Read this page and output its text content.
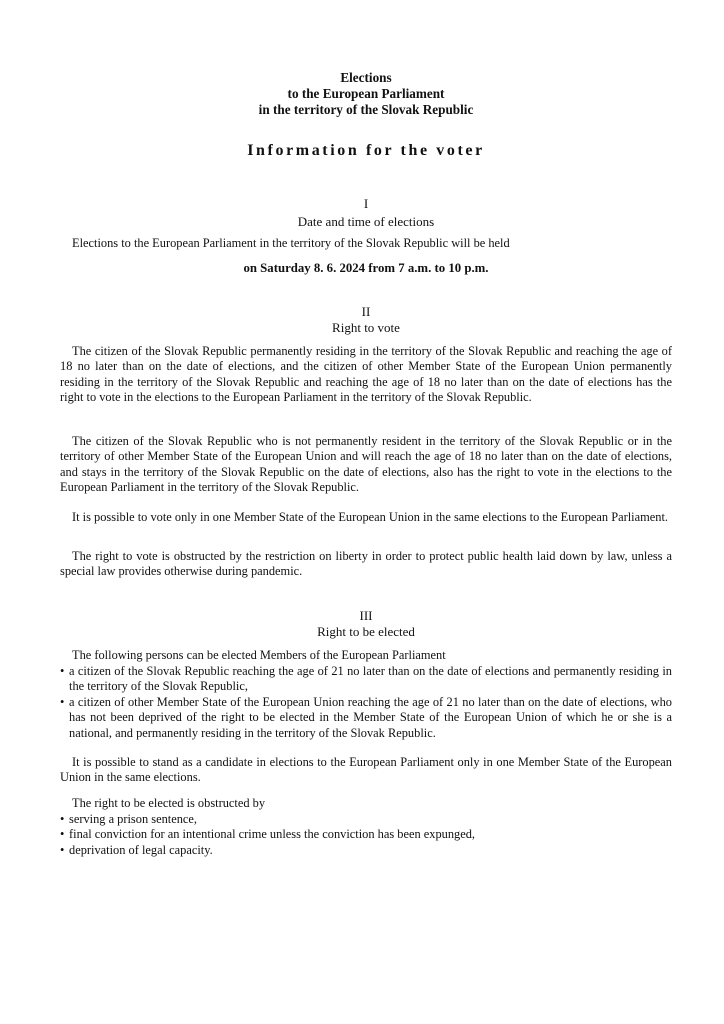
Elections
to the European Parliament
in the territory of the Slovak Republic
Information for the voter
I
Date and time of elections
Elections to the European Parliament in the territory of the Slovak Republic will be held
on Saturday 8. 6. 2024 from 7 a.m. to 10 p.m.
II
Right to vote
The citizen of the Slovak Republic permanently residing in the territory of the Slovak Republic and reaching the age of 18 no later than on the date of elections, and the citizen of other Member State of the European Union permanently residing in the territory of the Slovak Republic and reaching the age of 18 no later than on the date of elections has the right to vote in the elections to the European Parliament in the territory of the Slovak Republic.
The citizen of the Slovak Republic who is not permanently resident in the territory of the Slovak Republic or in the territory of other Member State of the European Union and will reach the age of 18 no later than on the date of elections, and stays in the territory of the Slovak Republic on the date of elections, also has the right to vote in the elections to the European Parliament in the territory of the Slovak Republic.
It is possible to vote only in one Member State of the European Union in the same elections to the European Parliament.
The right to vote is obstructed by the restriction on liberty in order to protect public health laid down by law, unless a special law provides otherwise during pandemic.
III
Right to be elected
The following persons can be elected Members of the European Parliament
• a citizen of the Slovak Republic reaching the age of 21 no later than on the date of elections and permanently residing in the territory of the Slovak Republic,
• a citizen of other Member State of the European Union reaching the age of 21 no later than on the date of elections, who has not been deprived of the right to be elected in the Member State of the European Union of which he or she is a national, and permanently residing in the territory of the Slovak Republic.
It is possible to stand as a candidate in elections to the European Parliament only in one Member State of the European Union in the same elections.
The right to be elected is obstructed by
• serving a prison sentence,
• final conviction for an intentional crime unless the conviction has been expunged,
• deprivation of legal capacity.
